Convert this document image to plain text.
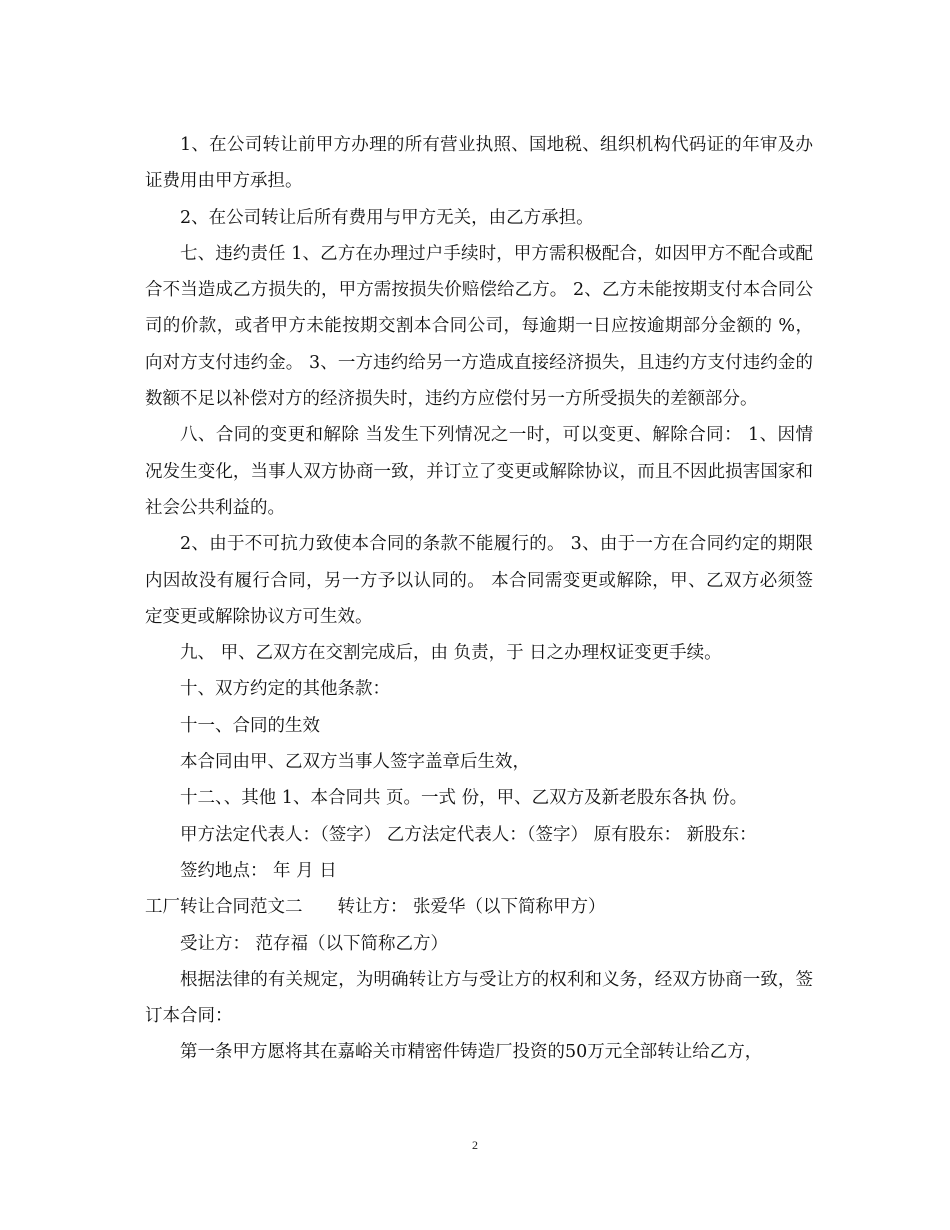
1、在公司转让前甲方办理的所有营业执照、国地税、组织机构代码证的年审及办证费用由甲方承担。

2、在公司转让后所有费用与甲方无关，由乙方承担。

七、违约责任 1、乙方在办理过户手续时，甲方需积极配合，如因甲方不配合或配合不当造成乙方损失的，甲方需按损失价赔偿给乙方。 2、乙方未能按期支付本合同公司的价款，或者甲方未能按期交割本合同公司，每逾期一日应按逾期部分金额的 %，向对方支付违约金。 3、一方违约给另一方造成直接经济损失，且违约方支付违约金的数额不足以补偿对方的经济损失时，违约方应偿付另一方所受损失的差额部分。

八、合同的变更和解除 当发生下列情况之一时，可以变更、解除合同： 1、因情况发生变化，当事人双方协商一致，并订立了变更或解除协议，而且不因此损害国家和社会公共利益的。

2、由于不可抗力致使本合同的条款不能履行的。 3、由于一方在合同约定的期限内因故没有履行合同，另一方予以认同的。 本合同需变更或解除，甲、乙双方必须签定变更或解除协议方可生效。

九、 甲、乙双方在交割完成后，由 负责，于 日之办理权证变更手续。

十、双方约定的其他条款：

十一、合同的生效

本合同由甲、乙双方当事人签字盖章后生效，

十二、、其他 1、本合同共 页。一式 份，甲、乙双方及新老股东各执 份。

甲方法定代表人：（签字） 乙方法定代表人：（签字） 原有股东： 新股东：

签约地点： 年 月 日

工厂转让合同范文二　　转让方： 张爱华（以下简称甲方）

受让方： 范存福（以下简称乙方）

根据法律的有关规定，为明确转让方与受让方的权利和义务，经双方协商一致，签订本合同：

第一条甲方愿将其在嘉峪关市精密件铸造厂投资的50万元全部转让给乙方，

2
